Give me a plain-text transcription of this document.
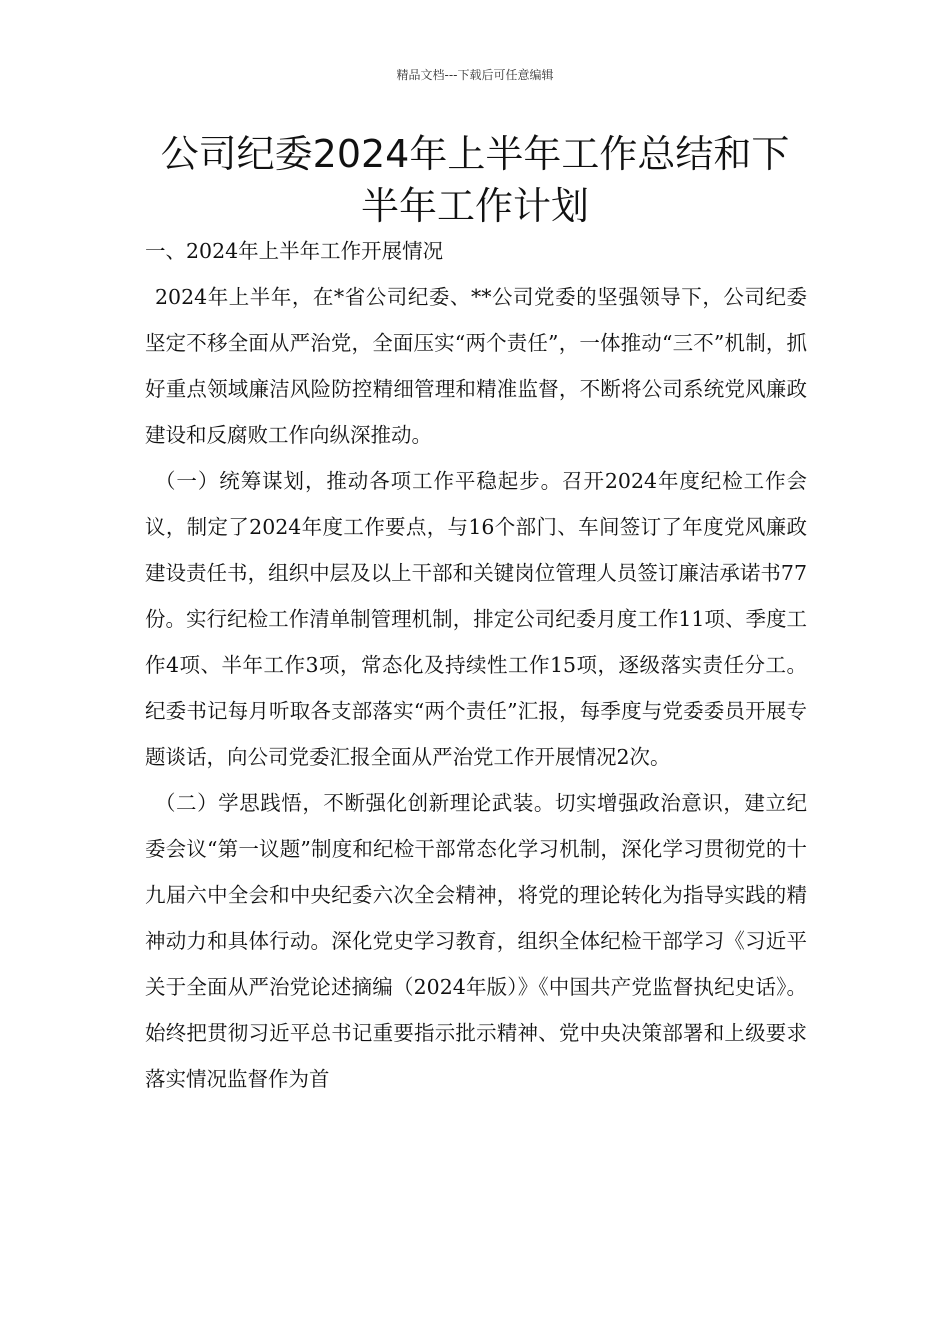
精品文档---下载后可任意编辑
公司纪委2024年上半年工作总结和下
半年工作计划

一、2024年上半年工作开展情况

2024年上半年，在*省公司纪委、**公司党委的坚强领导下，公司纪委坚定不移全面从严治党，全面压实“两个责任”，一体推动“三不”机制，抓好重点领域廉洁风险防控精细管理和精准监督，不断将公司系统党风廉政建设和反腐败工作向纵深推动。

（一）统筹谋划，推动各项工作平稳起步。召开2024年度纪检工作会议，制定了2024年度工作要点，与16个部门、车间签订了年度党风廉政建设责任书，组织中层及以上干部和关键岗位管理人员签订廉洁承诺书77份。实行纪检工作清单制管理机制，排定公司纪委月度工作11项、季度工作4项、半年工作3项，常态化及持续性工作15项，逐级落实责任分工。纪委书记每月听取各支部落实“两个责任”汇报，每季度与党委委员开展专题谈话，向公司党委汇报全面从严治党工作开展情况2次。

（二）学思践悟，不断强化创新理论武装。切实增强政治意识，建立纪委会议“第一议题”制度和纪检干部常态化学习机制，深化学习贯彻党的十九届六中全会和中央纪委六次全会精神，将党的理论转化为指导实践的精神动力和具体行动。深化党史学习教育，组织全体纪检干部学习《习近平关于全面从严治党论述摘编（2024年版）》《中国共产党监督执纪史话》。始终把贯彻习近平总书记重要指示批示精神、党中央决策部署和上级要求落实情况监督作为首
